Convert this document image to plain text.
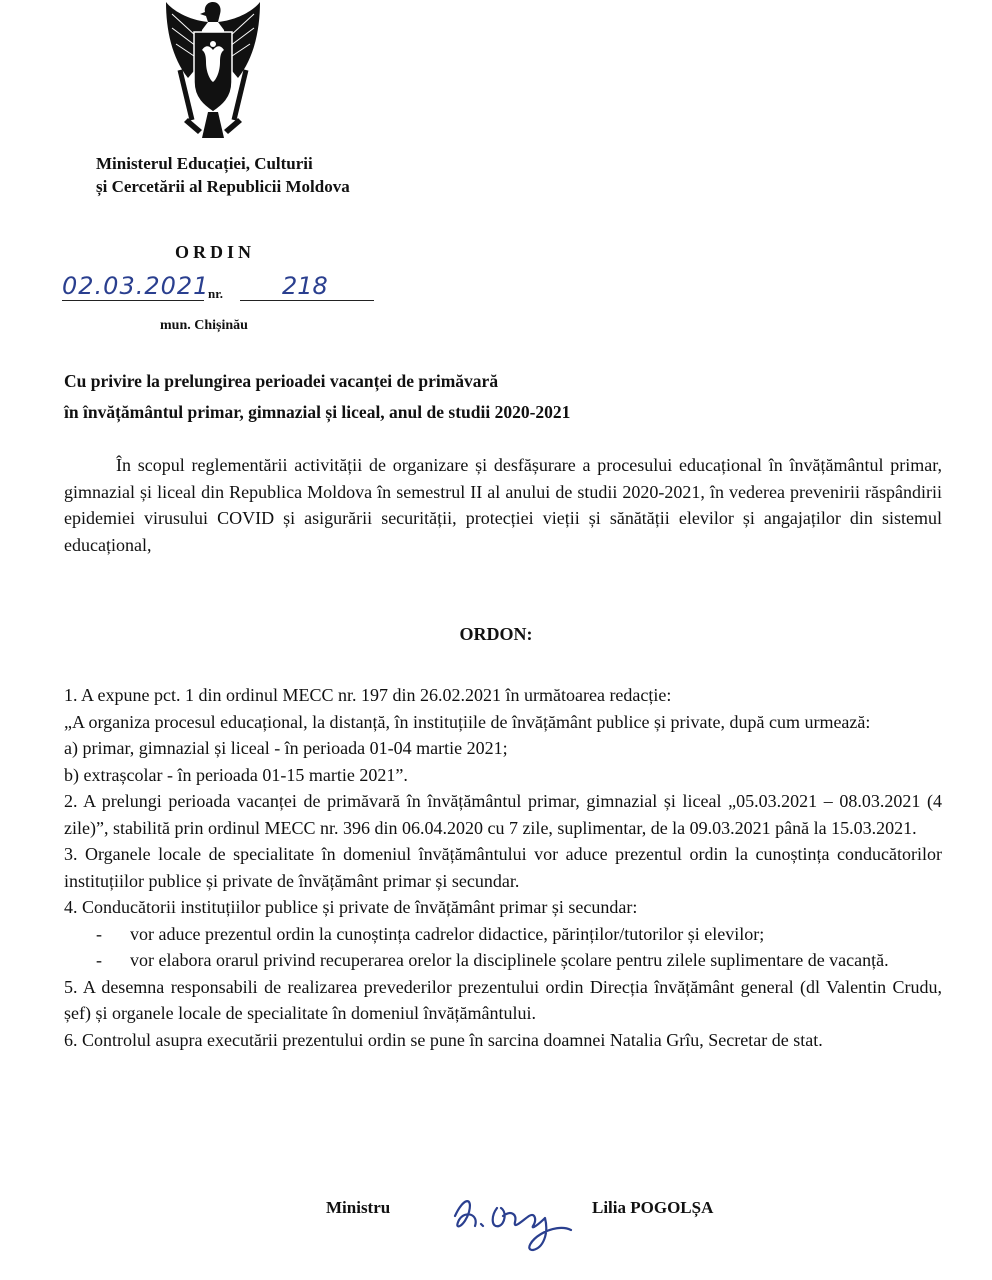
Ministerul Educației, Culturii
și Cercetării al Republicii Moldova
ORDIN
02.03.2021
nr. 218
mun. Chișinău
Cu privire la prelungirea perioadei vacanței de primăvară
în învățământul primar, gimnazial și liceal, anul de studii 2020-2021

În scopul reglementării activității de organizare și desfășurare a procesului educațional în învățământul primar, gimnazial și liceal din Republica Moldova în semestrul II al anului de studii 2020-2021, în vederea prevenirii răspândirii epidemiei virusului COVID și asigurării securității, protecției vieții și sănătății elevilor și angajaților din sistemul educațional,

ORDON:

1. A expune pct. 1 din ordinul MECC nr. 197 din 26.02.2021 în următoarea redacție:

„A organiza procesul educațional, la distanță, în instituțiile de învățământ publice și private, după cum urmează:

a) primar, gimnazial și liceal - în perioada 01-04 martie 2021;

b) extrașcolar - în perioada 01-15 martie 2021”.

2. A prelungi perioada vacanței de primăvară în învățământul primar, gimnazial și liceal „05.03.2021 – 08.03.2021 (4 zile)”, stabilită prin ordinul MECC nr. 396 din 06.04.2020 cu 7 zile, suplimentar, de la 09.03.2021 până la 15.03.2021.

3. Organele locale de specialitate în domeniul învățământului vor aduce prezentul ordin la cunoștința conducătorilor instituțiilor publice și private de învățământ primar și secundar.

4. Conducătorii instituțiilor publice și private de învățământ primar și secundar:

-	vor aduce prezentul ordin la cunoștința cadrelor didactice, părinților/tutorilor și elevilor;
-	vor elabora orarul privind recuperarea orelor la disciplinele școlare pentru zilele suplimentare de vacanță.

5. A desemna responsabili de realizarea prevederilor prezentului ordin Direcția învățământ general (dl Valentin Crudu, șef) și organele locale de specialitate în domeniul învățământului.

6. Controlul asupra executării prezentului ordin se pune în sarcina doamnei Natalia Grîu, Secretar de stat.

Ministru	Lilia POGOLȘA
